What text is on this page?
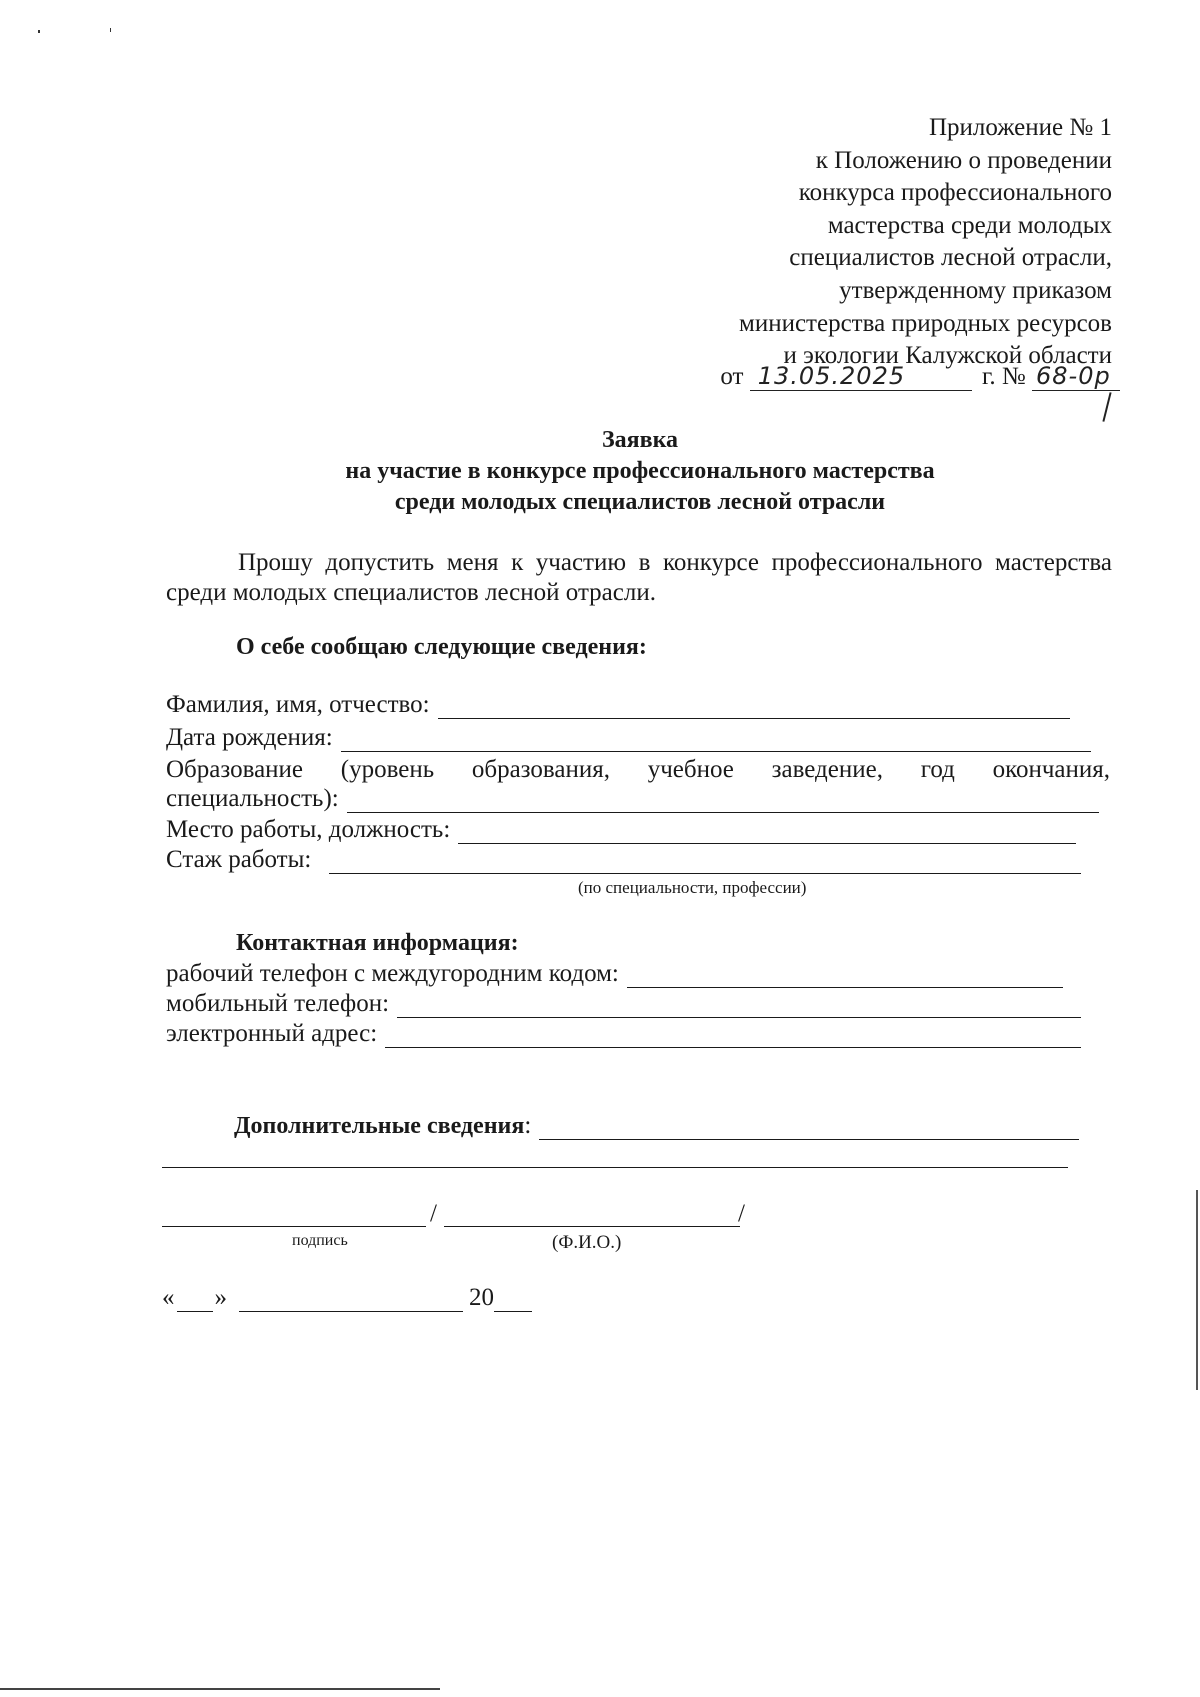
Приложение № 1
к Положению о проведении
конкурса профессионального
мастерства среди молодых
специалистов лесной отрасли,
утвержденному приказом
министерства природных ресурсов
и экологии Калужской области
от 13.05.2025	г. № 68-0р
Заявка
на участие в конкурсе профессионального мастерства
среди молодых специалистов лесной отрасли
Прошу допустить меня к участию в конкурсе профессионального мастерства среди молодых специалистов лесной отрасли.
О себе сообщаю следующие сведения:
Фамилия, имя, отчество:
Дата рождения:
Образование (уровень образования, учебное заведение, год окончания,
специальность):
Место работы, должность:
Стаж работы:
(по специальности, профессии)
Контактная информация:
рабочий телефон с междугородним кодом:
мобильный телефон:
электронный адрес:
Дополнительные сведения :
/	/
подпись	(Ф.И.О.)
« »	20
